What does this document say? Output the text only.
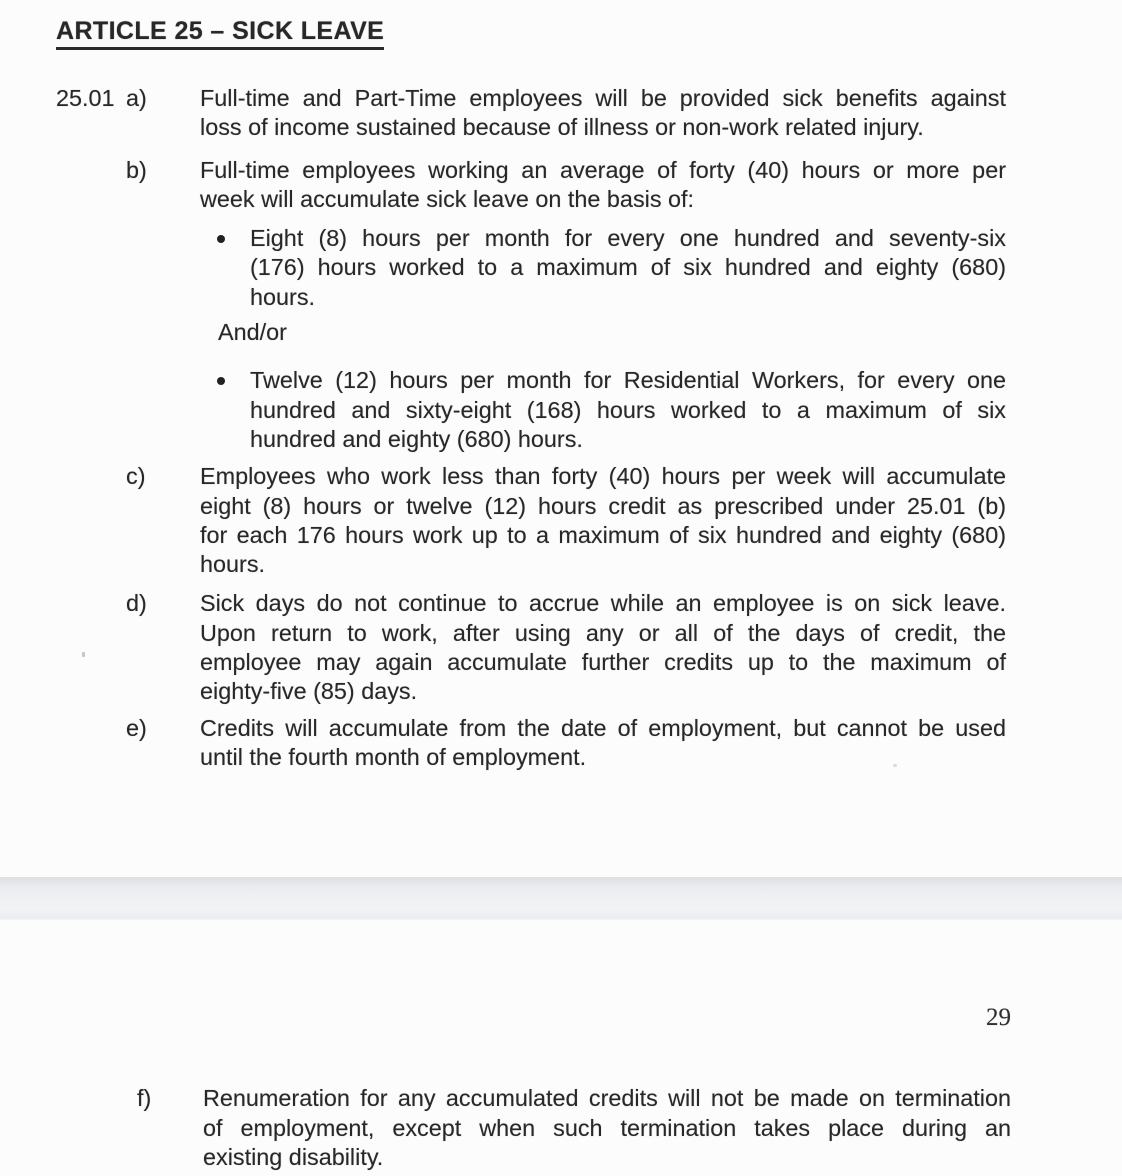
ARTICLE 25 – SICK LEAVE
25.01 a) Full-time and Part-Time employees will be provided sick benefits against
loss of income sustained because of illness or non-work related injury.
b) Full-time employees working an average of forty (40) hours or more per
week will accumulate sick leave on the basis of:
Eight (8) hours per month for every one hundred and seventy-six
(176) hours worked to a maximum of six hundred and eighty (680)
hours.
And/or
Twelve (12) hours per month for Residential Workers, for every one
hundred and sixty-eight (168) hours worked to a maximum of six
hundred and eighty (680) hours.
c) Employees who work less than forty (40) hours per week will accumulate
eight (8) hours or twelve (12) hours credit as prescribed under 25.01 (b)
for each 176 hours work up to a maximum of six hundred and eighty (680)
hours.
d) Sick days do not continue to accrue while an employee is on sick leave.
Upon return to work, after using any or all of the days of credit, the
employee may again accumulate further credits up to the maximum of
eighty-five (85) days.
e) Credits will accumulate from the date of employment, but cannot be used
until the fourth month of employment.
f) Renumeration for any accumulated credits will not be made on termination
of employment, except when such termination takes place during an
existing disability.
29
